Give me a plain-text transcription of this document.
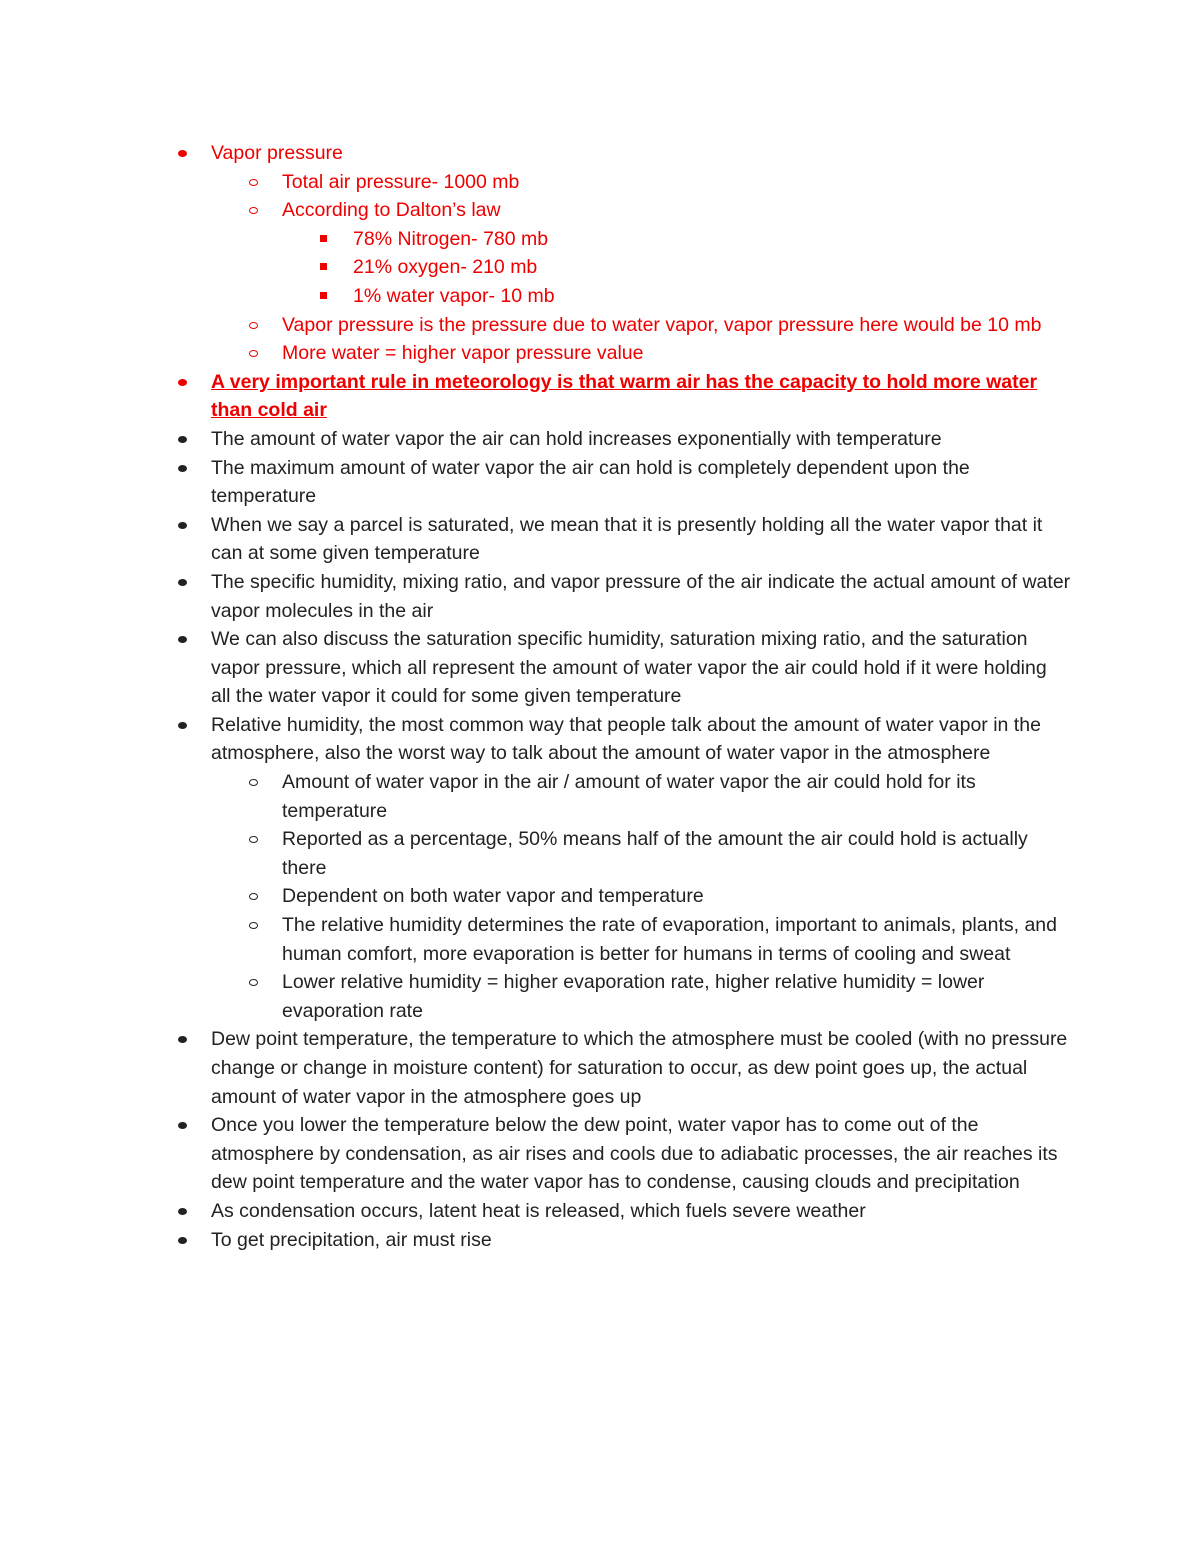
Vapor pressure
Total air pressure- 1000 mb
According to Dalton’s law
78% Nitrogen- 780 mb
21% oxygen- 210 mb
1% water vapor- 10 mb
Vapor pressure is the pressure due to water vapor, vapor pressure here would be 10 mb
More water = higher vapor pressure value
A very important rule in meteorology is that warm air has the capacity to hold more water than cold air
The amount of water vapor the air can hold increases exponentially with temperature
The maximum amount of water vapor the air can hold is completely dependent upon the temperature
When we say a parcel is saturated, we mean that it is presently holding all the water vapor that it can at some given temperature
The specific humidity, mixing ratio, and vapor pressure of the air indicate the actual amount of water vapor molecules in the air
We can also discuss the saturation specific humidity, saturation mixing ratio, and the saturation vapor pressure, which all represent the amount of water vapor the air could hold if it were holding all the water vapor it could for some given temperature
Relative humidity, the most common way that people talk about the amount of water vapor in the atmosphere, also the worst way to talk about the amount of water vapor in the atmosphere
Amount of water vapor in the air / amount of water vapor the air could hold for its temperature
Reported as a percentage, 50% means half of the amount the air could hold is actually there
Dependent on both water vapor and temperature
The relative humidity determines the rate of evaporation, important to animals, plants, and human comfort, more evaporation is better for humans in terms of cooling and sweat
Lower relative humidity = higher evaporation rate, higher relative humidity = lower evaporation rate
Dew point temperature, the temperature to which the atmosphere must be cooled (with no pressure change or change in moisture content) for saturation to occur, as dew point goes up, the actual amount of water vapor in the atmosphere goes up
Once you lower the temperature below the dew point, water vapor has to come out of the atmosphere by condensation, as air rises and cools due to adiabatic processes, the air reaches its dew point temperature and the water vapor has to condense, causing clouds and precipitation
As condensation occurs, latent heat is released, which fuels severe weather
To get precipitation, air must rise
